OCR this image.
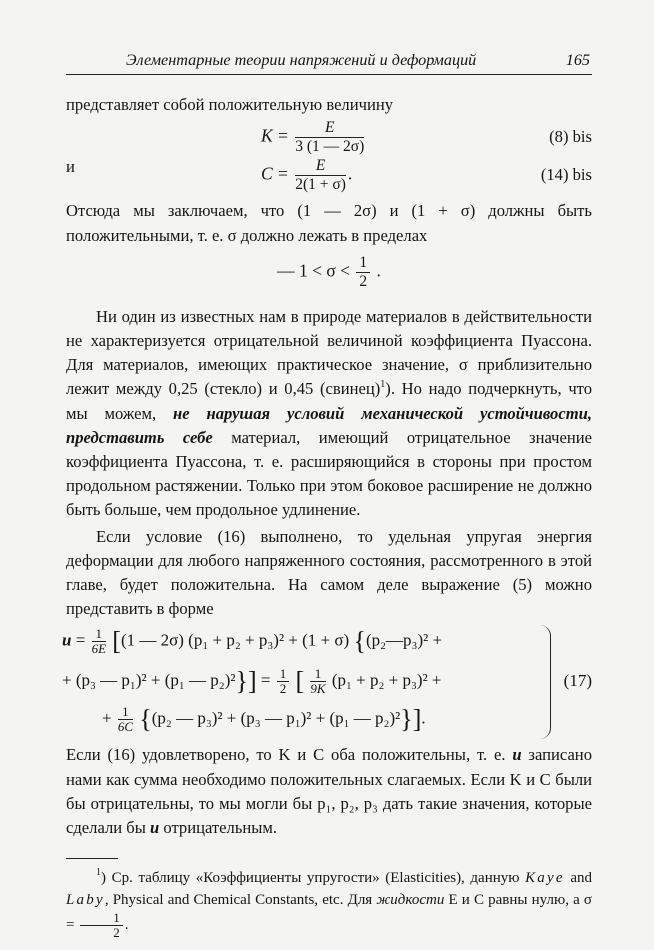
Элементарные теории напряжений и деформаций	165

представляет собой положительную величину

$K = \frac{E}{3 (1 — 2\sigma)}$	(8) bis
и	$C = \frac{E}{2(1 + \sigma)}$ .	(14) bis

Отсюда мы заключаем, что (1 — 2σ) и (1 + σ) должны быть положительными, т. е. σ должно лежать в пределах

— $1 < \sigma < \frac{1}{2}$ .

Ни один из известных нам в природе материалов в действительности не характеризуется отрицательной величиной коэффициента Пуассона. Для материалов, имеющих практическое значение, σ приблизительно лежит между 0,25 (стекло) и 0,45 (свинец)$^1$). Но надо подчеркнуть, что мы можем, не нарушая условий механической устойчивости, представить себе материал, имеющий отрицательное значение коэффициента Пуассона, т. е. расширяющийся в стороны при простом продольном растяжении. Только при этом боковое расширение не должно быть больше, чем продольное удлинение.

Если условие (16) выполнено, то удельная упругая энергия деформации для любого напряженного состояния, рассмотренного в этой главе, будет положительна. На самом деле выражение (5) можно представить в форме

$u = \frac{1}{6E} [(1$ — 2σ) (p₁ + p₂ + p₃)² + (1 + σ) {(p₂—p₃)² +
+ (p₃ — p₁)² + (p₁ — $p_2)^2\}] = \frac{1}{2}$ [ $\frac{1}{9K} (p_1 + p_2 + p_3)^2$ +
+ $\frac{1}{6C} \{(p_2$ — p₃)² + (p₃ — p₁)² + (p₁ — p₂)²}].
(17)

Если (16) удовлетворено, то K и C оба положительны, т. е. u записано нами как сумма необходимо положительных слагаемых. Если K и C были бы отрицательны, то мы могли бы p₁, p₂, p₃ дать такие значения, которые сделали бы u отрицательным.

$^1$) Ср. таблицу «Коэффициенты упругости» (Elasticities), данную Kaye and Laby, Physical and Chemical Constants, etc. Для жидкости E и C равны нулю, а $\sigma = \frac{1}{2}$ .
